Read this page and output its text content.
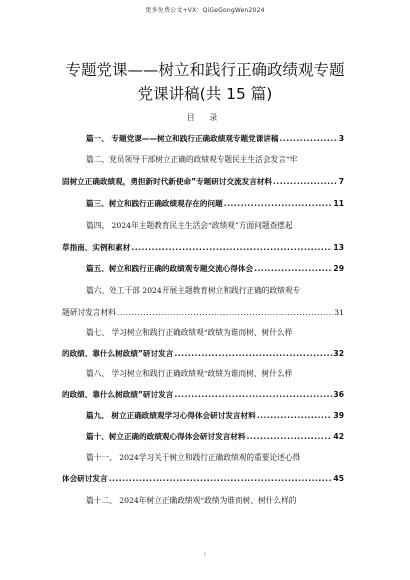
更多免费公文+VX：QiGeGongWen2024
专题党课——树立和践行正确政绩观专题
党课讲稿(共 15 篇)
目 录
篇一、 专题党课——树立和践行正确政绩观专题党课讲稿 .....	3
篇二、党员领导干部树立正确的政绩观专题民主生活会发言“牢
固树立正确政绩观，勇担新时代新使命”专题研讨交流发言材料 .....	7
篇三、树立和践行正确政绩观存在的问题 .....	11
篇四、 2024年主题教育民主生活会“政绩观”方面问题查摆起
草指南、实例和素材 .....	13
篇五、树立和践行正确的政绩观专题交流心得体会 .....	29
篇六、处工干部 2024开展主题教育树立和践行正确的政绩观专
题研讨发言材料 .....	31
篇七、 学习树立和践行正确政绩观“政绩为谁而树、树什么样
的政绩、靠什么树政绩”研讨发言 .....	32
篇八、 学习树立和践行正确政绩观“政绩为谁而树、树什么样
的政绩、靠什么树政绩”研讨发言 .....	36
篇九、 树立正确政绩观学习心得体会研讨发言材料 .....	39
篇十、树立正确的政绩观心得体会研讨发言材料 .....	42
篇十一、 2024学习关于树立和践行正确政绩观的重要论述心得
体会研讨发言 .....	45
篇十二、 2024年树立正确政绩观“政绩为谁而树、树什么样的
1
